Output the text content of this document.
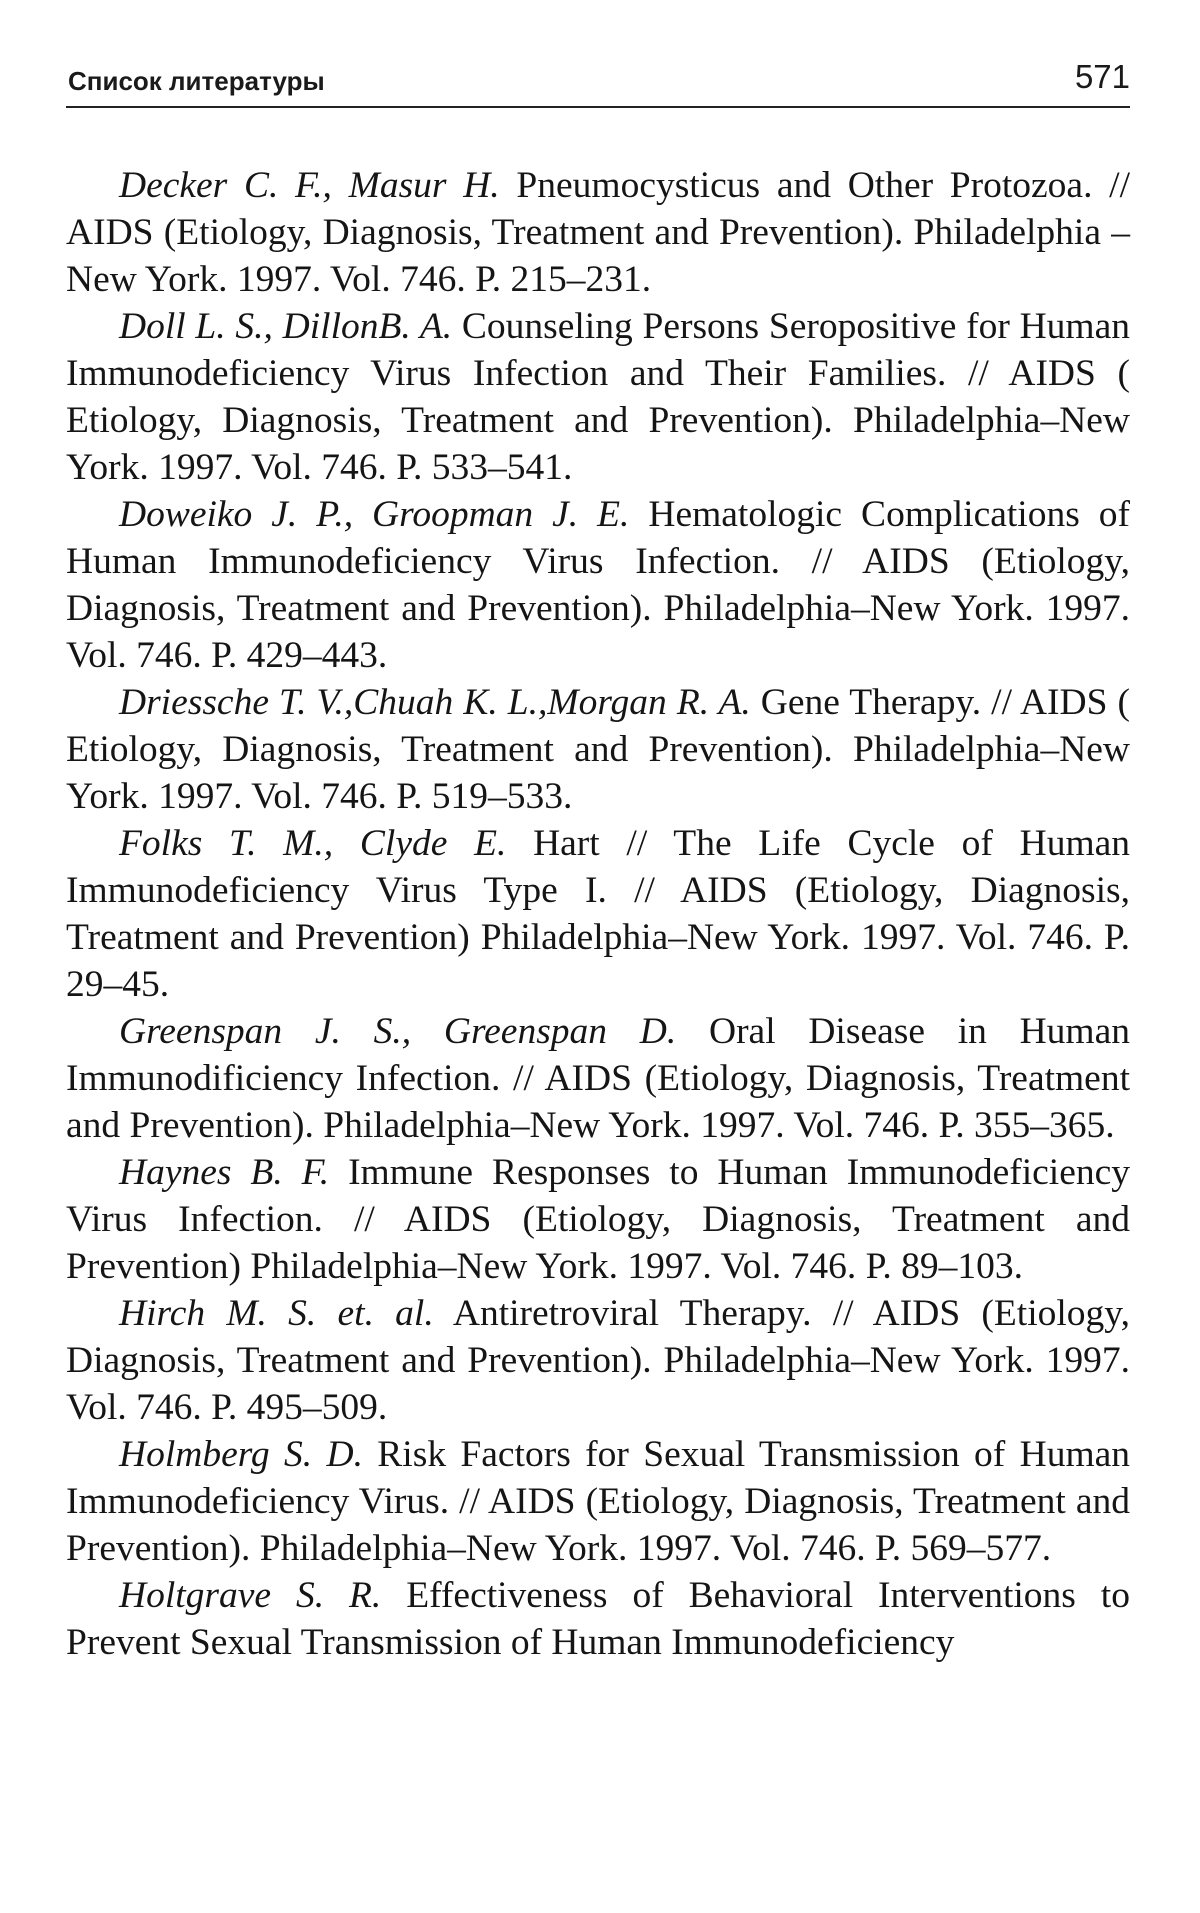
Список литературы	571
Decker C. F., Masur H. Pneumocysticus and Other Protozoa. // AIDS (Etiology, Diagnosis, Treatment and Prevention). Philadelphia – New York. 1997. Vol. 746. P. 215–231.
Doll L. S., DillonB. A. Counseling Persons Seropositive for Human Immunodeficiency Virus Infection and Their Families. // AIDS ( Etiology, Diagnosis, Treatment and Prevention). Philadelphia–New York. 1997. Vol. 746. P. 533–541.
Doweiko J. P., Groopman J. E. Hematologic Complications of Human Immunodeficiency Virus Infection. // AIDS (Etiology, Diagnosis, Treatment and Prevention). Philadelphia–New York. 1997. Vol. 746. P. 429–443.
Driessche T. V.,Chuah K. L.,Morgan R. A. Gene Therapy. // AIDS ( Etiology, Diagnosis, Treatment and Prevention). Philadelphia–New York. 1997. Vol. 746. P. 519–533.
Folks T. M., Clyde E. Hart // The Life Cycle of Human Immunodeficiency Virus Type I. // AIDS (Etiology, Diagnosis, Treatment and Prevention) Philadelphia–New York. 1997. Vol. 746. P. 29–45.
Greenspan J. S., Greenspan D. Oral Disease in Human Immunodificiency Infection. // AIDS (Etiology, Diagnosis, Treatment and Prevention). Philadelphia–New York. 1997. Vol. 746. P. 355–365.
Haynes B. F. Immune Responses to Human Immunodeficiency Virus Infection. // AIDS (Etiology, Diagnosis, Treatment and Prevention) Philadelphia–New York. 1997. Vol. 746. P. 89–103.
Hirch M. S. et. al. Antiretroviral Therapy. // AIDS (Etiology, Diagnosis, Treatment and Prevention). Philadelphia–New York. 1997. Vol. 746. P. 495–509.
Holmberg S. D. Risk Factors for Sexual Transmission of Human Immunodeficiency Virus. // AIDS (Etiology, Diagnosis, Treatment and Prevention). Philadelphia–New York. 1997. Vol. 746. P. 569–577.
Holtgrave S. R. Effectiveness of Behavioral Interventions to Prevent Sexual Transmission of Human Immunodeficiency
